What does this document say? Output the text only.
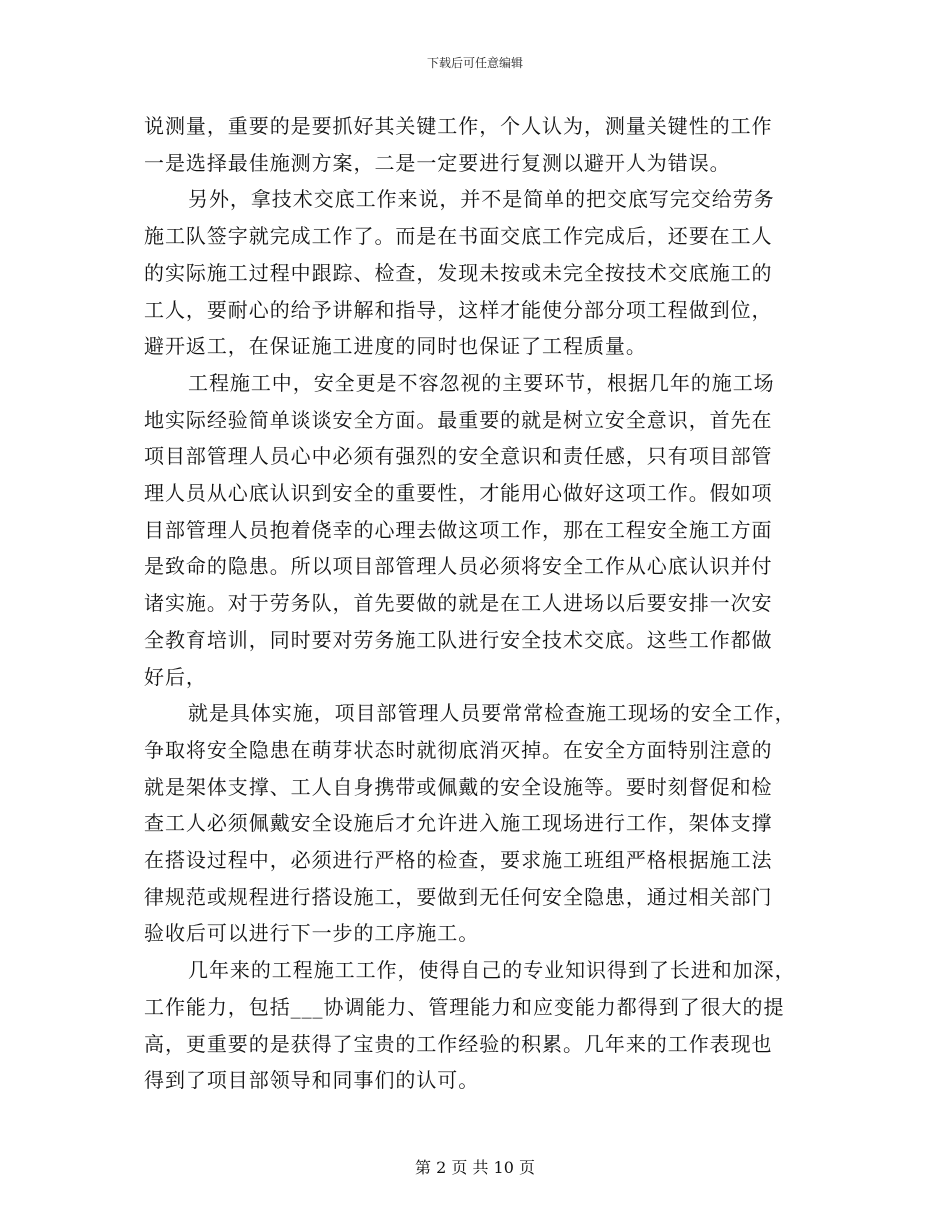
下载后可任意编辑

说测量，重要的是要抓好其关键工作，个人认为，测量关键性的工作
一是选择最佳施测方案，二是一定要进行复测以避开人为错误。

另外，拿技术交底工作来说，并不是简单的把交底写完交给劳务
施工队签字就完成工作了。而是在书面交底工作完成后，还要在工人
的实际施工过程中跟踪、检查，发现未按或未完全按技术交底施工的
工人，要耐心的给予讲解和指导，这样才能使分部分项工程做到位，
避开返工，在保证施工进度的同时也保证了工程质量。

工程施工中，安全更是不容忽视的主要环节，根据几年的施工场
地实际经验简单谈谈安全方面。最重要的就是树立安全意识，首先在
项目部管理人员心中必须有强烈的安全意识和责任感，只有项目部管
理人员从心底认识到安全的重要性，才能用心做好这项工作。假如项
目部管理人员抱着侥幸的心理去做这项工作，那在工程安全施工方面
是致命的隐患。所以项目部管理人员必须将安全工作从心底认识并付
诸实施。对于劳务队，首先要做的就是在工人进场以后要安排一次安
全教育培训，同时要对劳务施工队进行安全技术交底。这些工作都做
好后，

就是具体实施，项目部管理人员要常常检查施工现场的安全工作，
争取将安全隐患在萌芽状态时就彻底消灭掉。在安全方面特别注意的
就是架体支撑、工人自身携带或佩戴的安全设施等。要时刻督促和检
查工人必须佩戴安全设施后才允许进入施工现场进行工作，架体支撑
在搭设过程中，必须进行严格的检查，要求施工班组严格根据施工法
律规范或规程进行搭设施工，要做到无任何安全隐患，通过相关部门
验收后可以进行下一步的工序施工。

几年来的工程施工工作，使得自己的专业知识得到了长进和加深，
工作能力，包括___协调能力、管理能力和应变能力都得到了很大的提
高，更重要的是获得了宝贵的工作经验的积累。几年来的工作表现也
得到了项目部领导和同事们的认可。

第 2 页 共 10 页
